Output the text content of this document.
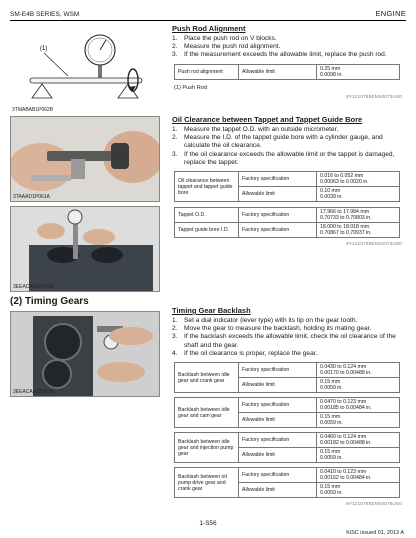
SM-E4B SERIES, WSM	ENGINE
(1)
3TMABAB1P062B
3TAAAD1P061A
3EEACAA1P061A
Push Rod Alignment
1. Place the push rod on V blocks.
2. Measure the push rod alignment.
3. If the measurement exceeds the allowable limit, replace the push rod.
Push rod alignment	Allowable limit	0.25 mm
0.0098 in.
(1) Push Rod
9Y1210785ENS0073US0
Oil Clearance between Tappet and Tappet Guide Bore
1. Measure the tappet O.D. with an outside micrometer.
2. Measure the I.D. of the tappet guide bore with a cylinder gauge, and calculate the oil clearance.
3. If the oil clearance exceeds the allowable limit or the tappet is damaged, replace the tappet.
Oil clearance between tappet and tappet guide bore	Factory specification	0.016 to 0.052 mm
0.00063 to 0.0020 in.
	Allowable limit	0.10 mm
0.0039 in.
Tappet O.D.	Factory specification	17.966 to 17.984 mm
0.70733 to 0.70803 in.
Tappet guide bore I.D.	Factory specification	18.000 to 18.018 mm
0.70867 to 0.70937 in.
9Y1210785ENS0074US0
(2) Timing Gears
3EEACAA1P061A
Timing Gear Backlash
1. Set a dial indicator (lever type) with its tip on the gear tooth.
2. Move the gear to measure the backlash, holding its mating gear.
3. If the backlash exceeds the allowable limit, check the oil clearance of the shaft and the gear.
4. If the oil clearance is proper, replace the gear.
Backlash between idle gear and crank gear	Factory specification	0.0430 to 0.124 mm
0.00170 to 0.00488 in.
	Allowable limit	0.15 mm
0.0059 in.
Backlash between idle gear and cam gear	Factory specification	0.0470 to 0.123 mm
0.00185 to 0.00484 in.
	Allowable limit	0.15 mm
0.0059 in.
Backlash between idle gear and injection pump gear	Factory specification	0.0460 to 0.124 mm
0.00182 to 0.00488 in.
	Allowable limit	0.15 mm
0.0059 in.
Backlash between oil pump drive gear and crank gear	Factory specification	0.0410 to 0.123 mm
0.00162 to 0.00484 in.
	Allowable limit	0.15 mm
0.0059 in.
9Y1210785ENS0075US0
1-S56
KiSC issued 01, 2013 A
